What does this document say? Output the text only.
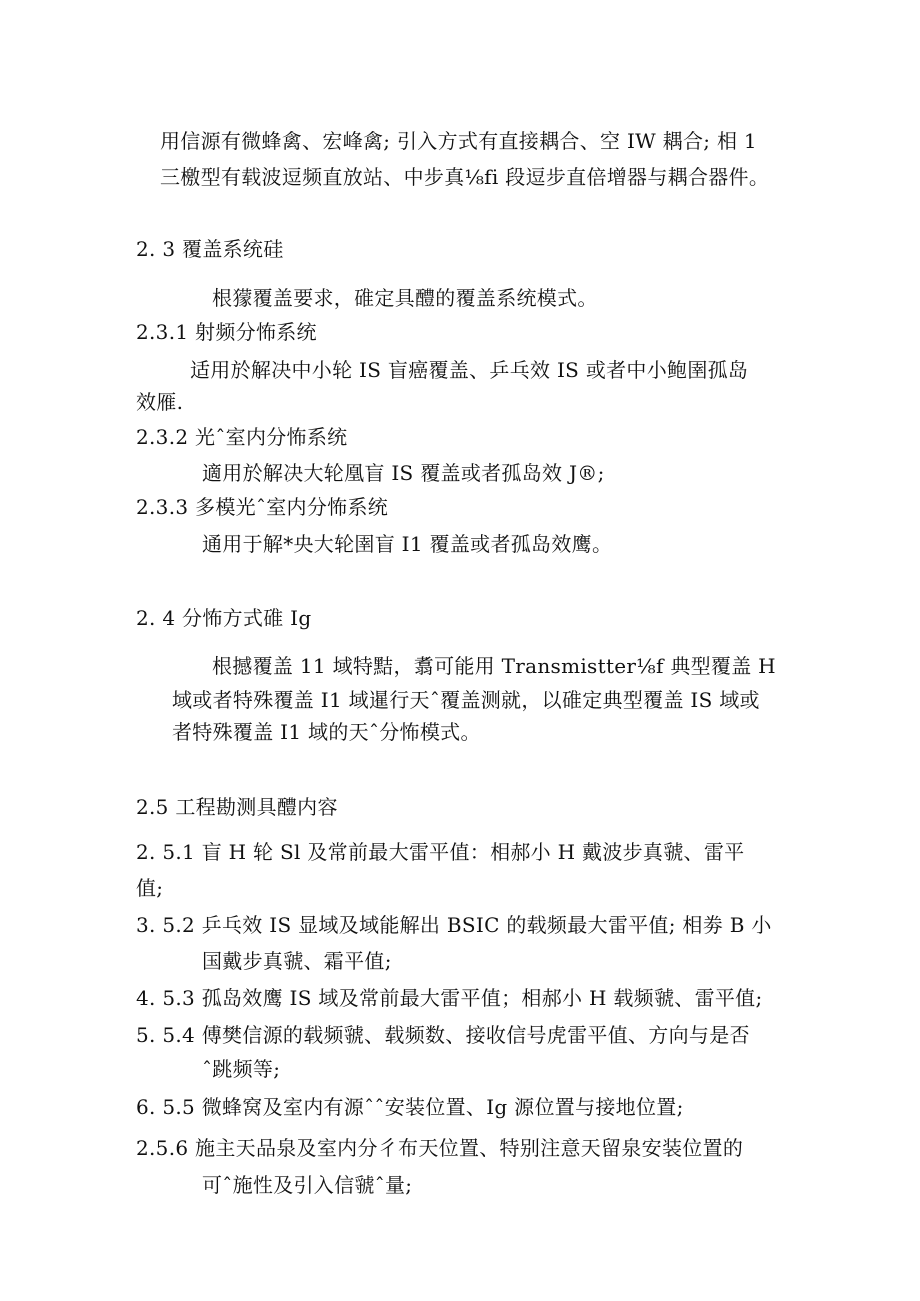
用信源有微蜂禽、宏峰禽; 引入方式有直接耦合、空 IW 耦合; 相 1
三檄型有载波逗频直放站、中步真⅛fi 段逗步直倍增器与耦合器件。
2. 3 覆盖系统硅
根獴覆盖要求，碓定具醴的覆盖系统模式。
2.3.1 射频分怖系统
适用於解决中小轮 IS 盲癌覆盖、乒乓效 IS 或者中小鲍圉孤岛
效雁.
2.3.2 光ˆ室内分怖系统
適用於解决大轮凰盲 IS 覆盖或者孤岛效 J®;
2.3.3 多模光ˆ室内分怖系统
通用于解*央大轮圉盲 I1 覆盖或者孤岛效鹰。
2. 4 分怖方式碓 Ig
根撼覆盖 11 域特黠，翥可能用 Transmistter⅛f 典型覆盖 H
域或者特殊覆盖 I1 域暹行天ˆ覆盖测就，以碓定典型覆盖 IS 域或
者特殊覆盖 I1 域的天ˆ分怖模式。
2.5 工程勘测具醴内容
2. 5.1 盲 H 轮 Sl 及常前最大雷平值：相郝小 H 戴波步真虢、雷平
值;
3. 5.2 乒乓效 IS 显域及域能解出 BSIC 的载频最大雷平值; 相劵 B 小
国戴步真虢、霜平值;
4. 5.3 孤岛效鹰 IS 域及常前最大雷平值；相郝小 H 载频虢、雷平值;
5. 5.4 傅樊信源的载频虢、载频数、接收信号虎雷平值、方向与是否
ˆ跳频等;
6. 5.5 微蜂窝及室内有源ˆˆ安装位置、Ig 源位置与接地位置;
2.5.6 施主天品泉及室内分彳布天位置、特别注意天留泉安装位置的
可ˆ施性及引入信虢ˆ量;
